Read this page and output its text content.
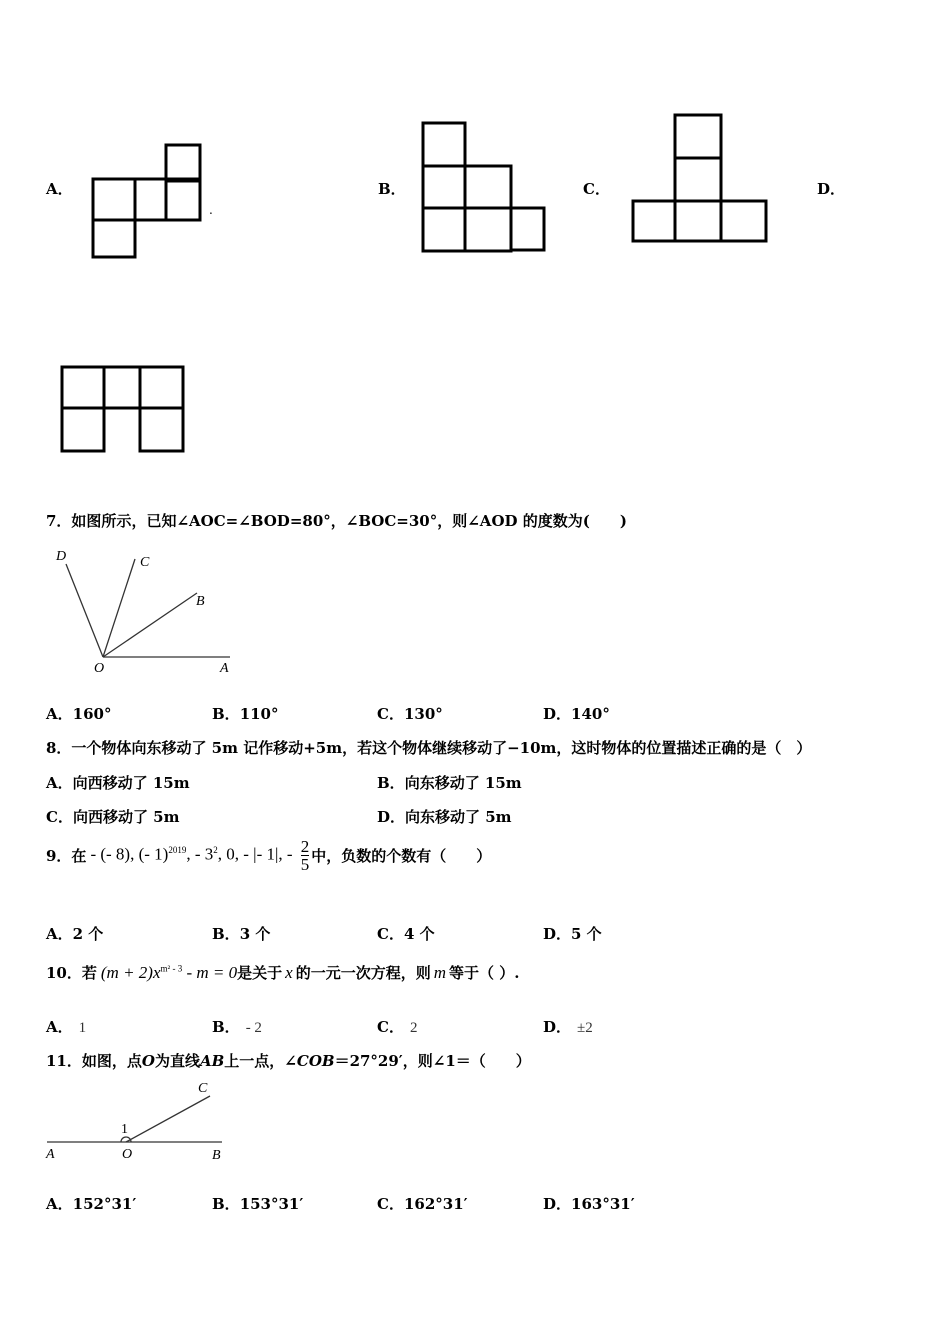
A．
.
B．	C．	D．
7．如图所示，已知∠AOC=∠BOD=80°，∠BOC=30°，则∠AOD 的度数为(　　)
D	C
B
O	A
A．160°	B．110°	C．130°	D．140°
8．一个物体向东移动了 5m 记作移动+5m，若这个物体继续移动了−10m，这时物体的位置描述正确的是（　）
A．向西移动了 15m	B．向东移动了 15m
C．向西移动了 5m	D．向东移动了 5m
9．在 - (- 8), (- 1)$^{2019}$, - $3^2$, 0, - |- 1|, - $\frac{2}{5}$ 中，负数的个数有（　　）
A．2 个	B．3 个	C．4 个	D．5 个
10．若 $(m + 2)x^{m^2 - 3} - m = 0$ 是关于 x 的一元一次方程，则 m 等于（ ）.
A． 1	B． - 2	C． 2	D． ±2
11．如图，点O为直线AB上一点，∠COB＝27°29′，则∠1＝（　　）
C
1
A	O	B
A．152°31′	B．153°31′	C．162°31′	D．163°31′
